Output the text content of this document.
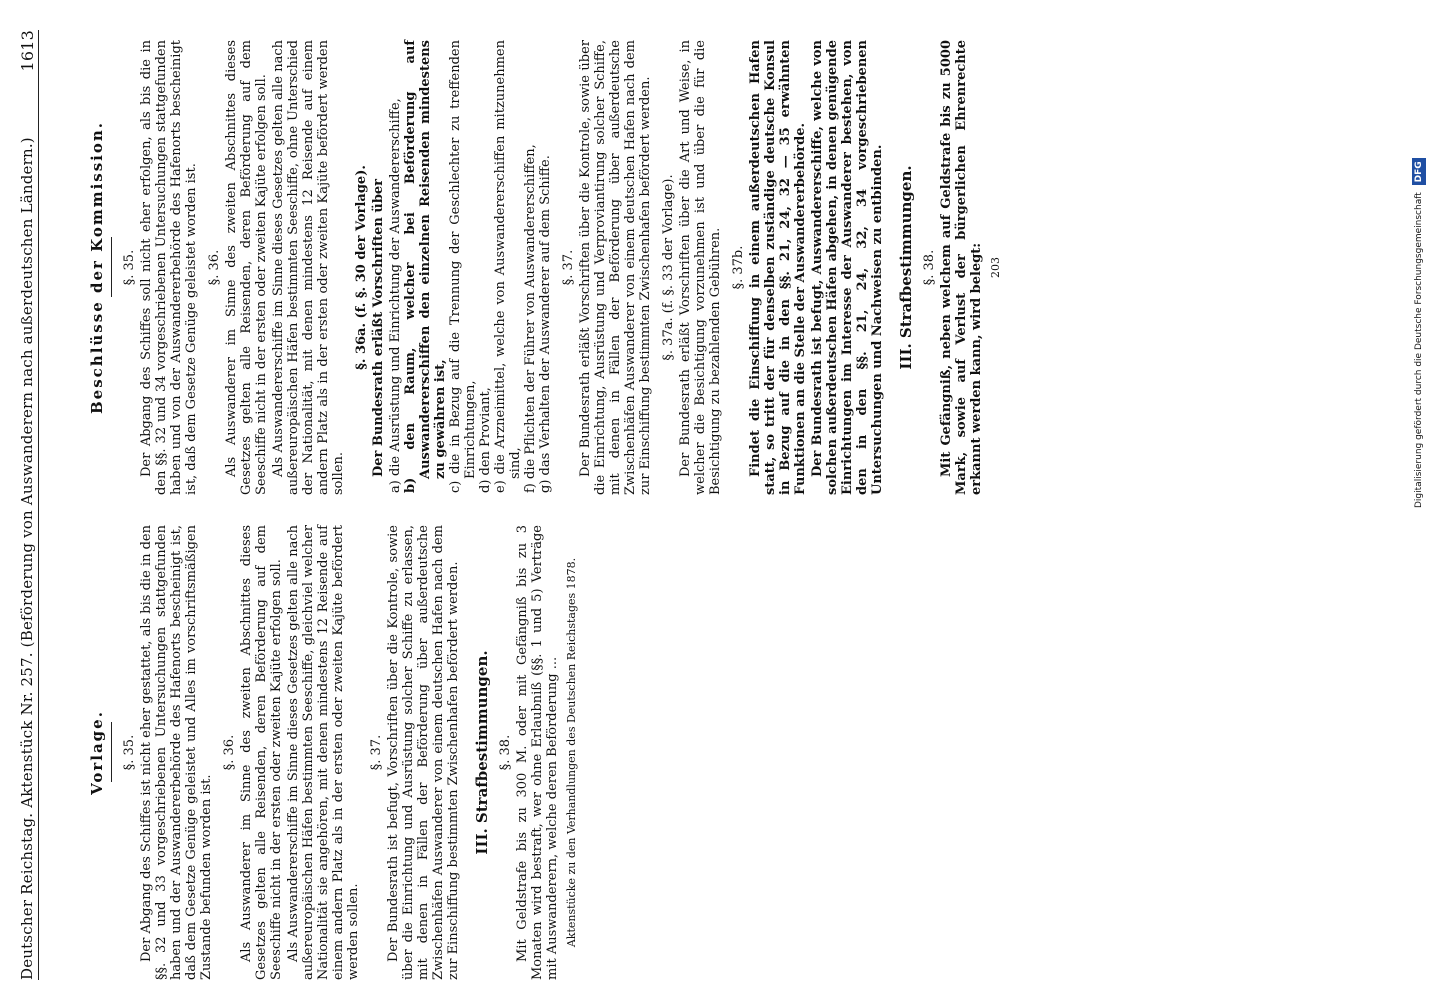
Deutscher Reichstag. Aktenstück Nr. 257. (Beförderung von Auswanderern nach außerdeutschen Ländern.)
1613
Vorlage. §. 35. Der Abgang des Schiffes ist nicht eher gestattet, als bis die in den §§. 32 und 33 vorgeschriebenen Untersuchungen stattgefunden haben und der Auswandererbehörde des Hafenorts bescheinigt ist, daß dem Gesetze Genüge geleistet und Alles im vorschriftsmäßigen Zustande befunden worden ist.

§. 36. Als Auswanderer im Sinne des zweiten Abschnittes dieses Gesetzes gelten alle Reisenden, deren Beförderung auf dem Seeschiffe nicht in der ersten oder zweiten Kajüte erfolgen soll. Als Auswandererschiffe im Sinne dieses Gesetzes gelten alle nach außereuropäischen Häfen bestimmten Seeschiffe, gleichviel welcher Nationalität sie angehören, mit denen mindestens 12 Reisende auf einem andern Platz als in der ersten oder zweiten Kajüte befördert werden sollen.

§. 37. Der Bundesrath ist befugt, Vorschriften über die Kontrole, sowie über die Einrichtung und Ausrüstung solcher Schiffe zu erlassen, mit denen in Fällen der Beförderung über außerdeutsche Zwischenhäfen Auswanderer von einem deutschen Hafen nach dem zur Einschiffung bestimmten Zwischenhafen befördert werden. III. Strafbestimmungen. §. 38. Mit Geldstrafe bis zu 300 M. oder mit Gefängniß bis zu 3 Monaten wird bestraft, wer ohne Erlaubniß (§§. 1 und 5) Verträge mit Auswanderern, welche deren Beförderung ... Aktenstücke zu den Verhandlungen des Deutschen Reichstages 1878.
Beschlüsse der Kommission. §. 35. Der Abgang des Schiffes soll nicht eher erfolgen, als bis die in den §§. 32 und 34 vorgeschriebenen Untersuchungen stattgefunden haben und von der Auswandererbehörde des Hafenorts bescheinigt ist, daß dem Gesetze Genüge geleistet worden ist. §. 36. Als Auswanderer im Sinne des zweiten Abschnittes dieses Gesetzes gelten alle Reisenden, deren Beförderung auf dem Seeschiffe nicht in der ersten oder zweiten Kajüte erfolgen soll. Als Auswandererschiffe im Sinne dieses Gesetzes gelten alle nach außereuropäischen Häfen bestimmten Seeschiffe, ohne Unterschied der Nationalität, mit denen mindestens 12 Reisende auf einem andern Platz als in der ersten oder zweiten Kajüte befördert werden sollen.

§. 36a. (f. §. 30 der Vorlage). Der Bundesrath erläßt Vorschriften über a) die Ausrüstung und Einrichtung der Auswandererschiffe, b) den Raum, welcher bei Beförderung auf Auswandererschiffen den einzelnen Reisenden mindestens zu gewähren ist, c) die in Bezug auf die Trennung der Geschlechter zu treffenden Einrichtungen, d) den Proviant, e) die Arzneimittel, welche von Auswandererschiffen mitzunehmen sind, f) die Pflichten der Führer von Auswandererschiffen, g) das Verhalten der Auswanderer auf dem Schiffe. §. 37. Der Bundesrath erläßt Vorschriften über die Kontrole, sowie über die Einrichtung, Ausrüstung und Verproviantirung solcher Schiffe, mit denen in Fällen der Beförderung über außerdeutsche Zwischenhäfen Auswanderer von einem deutschen Hafen nach dem zur Einschiffung bestimmten Zwischenhafen befördert werden. §. 37a. (f. §. 33 der Vorlage). Der Bundesrath erläßt Vorschriften über die Art und Weise, in welcher die Besichtigung vorzunehmen ist und über die für die Besichtigung zu bezahlenden Gebühren. §. 37b. Findet die Einschiffung in einem außerdeutschen Hafen statt, so tritt der für denselben zuständige deutsche Konsul in Bezug auf die in den §§. 21, 24, 32 — 35 erwähnten Funktionen an die Stelle der Auswandererbehörde. Der Bundesrath ist befugt, Auswandererschiffe, welche von solchen außerdeutschen Häfen abgehen, in denen genügende Einrichtungen im Interesse der Auswanderer bestehen, von den in den §§. 21, 24, 32, 34 vorgeschriebenen Untersuchungen und Nachweisen zu entbinden. III. Strafbestimmungen. §. 38. Mit Gefängniß, neben welchem auf Geldstrafe bis zu 5000 Mark, sowie auf Verlust der bürgerlichen Ehrenrechte erkannt werden kann, wird belegt: 203	Digitalisierung gefördert durch die Deutsche Forschungsgemeinschaft DFG
